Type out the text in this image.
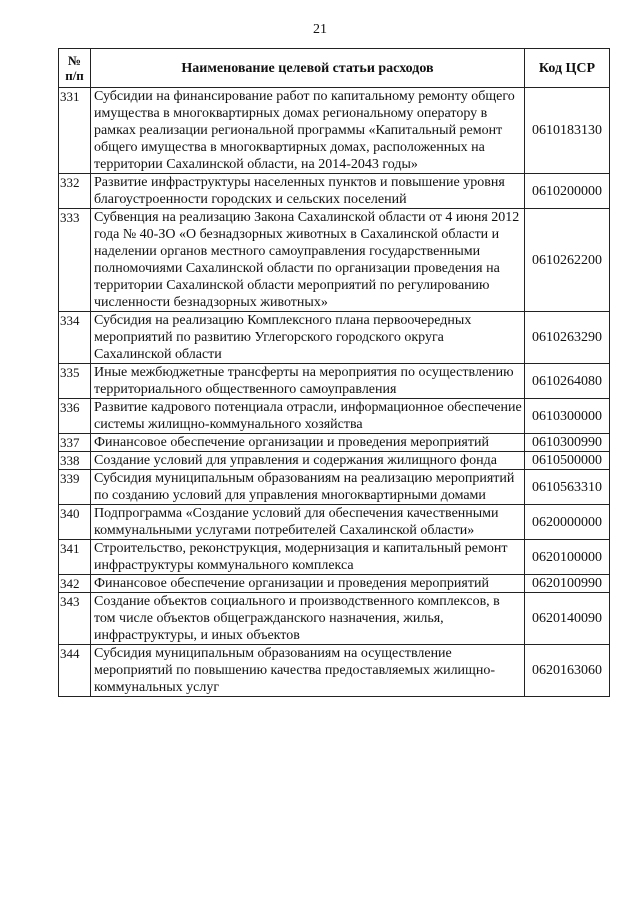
21
№
п/п	Наименование целевой статьи расходов	Код ЦСР
331	Субсидии на финансирование работ по капитальному ремонту общего имущества в многоквартирных домах региональному оператору в рамках реализации региональной программы «Капитальный ремонт общего имущества в многоквартирных домах, расположенных на территории Сахалинской области, на 2014-2043 годы»	0610183130
332	Развитие инфраструктуры населенных пунктов и повышение уровня благоустроенности городских и сельских поселений	0610200000
333	Субвенция на реализацию Закона Сахалинской области от 4 июня 2012 года № 40-ЗО «О безнадзорных животных в Сахалинской области и наделении органов местного самоуправления государственными полномочиями Сахалинской области по организации проведения на территории Сахалинской области мероприятий по регулированию численности безнадзорных животных»	0610262200
334	Субсидия на реализацию Комплексного плана первоочередных мероприятий по развитию Углегорского городского округа Сахалинской области	0610263290
335	Иные межбюджетные трансферты на мероприятия по осуществлению территориального общественного самоуправления	0610264080
336	Развитие кадрового потенциала отрасли, информационное обеспечение системы жилищно-коммунального хозяйства	0610300000
337	Финансовое обеспечение организации и проведения мероприятий	0610300990
338	Создание условий для управления и содержания жилищного фонда	0610500000
339	Субсидия муниципальным образованиям на реализацию мероприятий по созданию условий для управления многоквартирными домами	0610563310
340	Подпрограмма «Создание условий для обеспечения качественными коммунальными услугами потребителей Сахалинской области»	0620000000
341	Строительство, реконструкция, модернизация и капитальный ремонт инфраструктуры коммунального комплекса	0620100000
342	Финансовое обеспечение организации и проведения мероприятий	0620100990
343	Создание объектов социального и производственного комплексов, в том числе объектов общегражданского назначения, жилья, инфраструктуры, и иных объектов	0620140090
344	Субсидия муниципальным образованиям на осуществление мероприятий по повышению качества предоставляемых жилищно-коммунальных услуг	0620163060
